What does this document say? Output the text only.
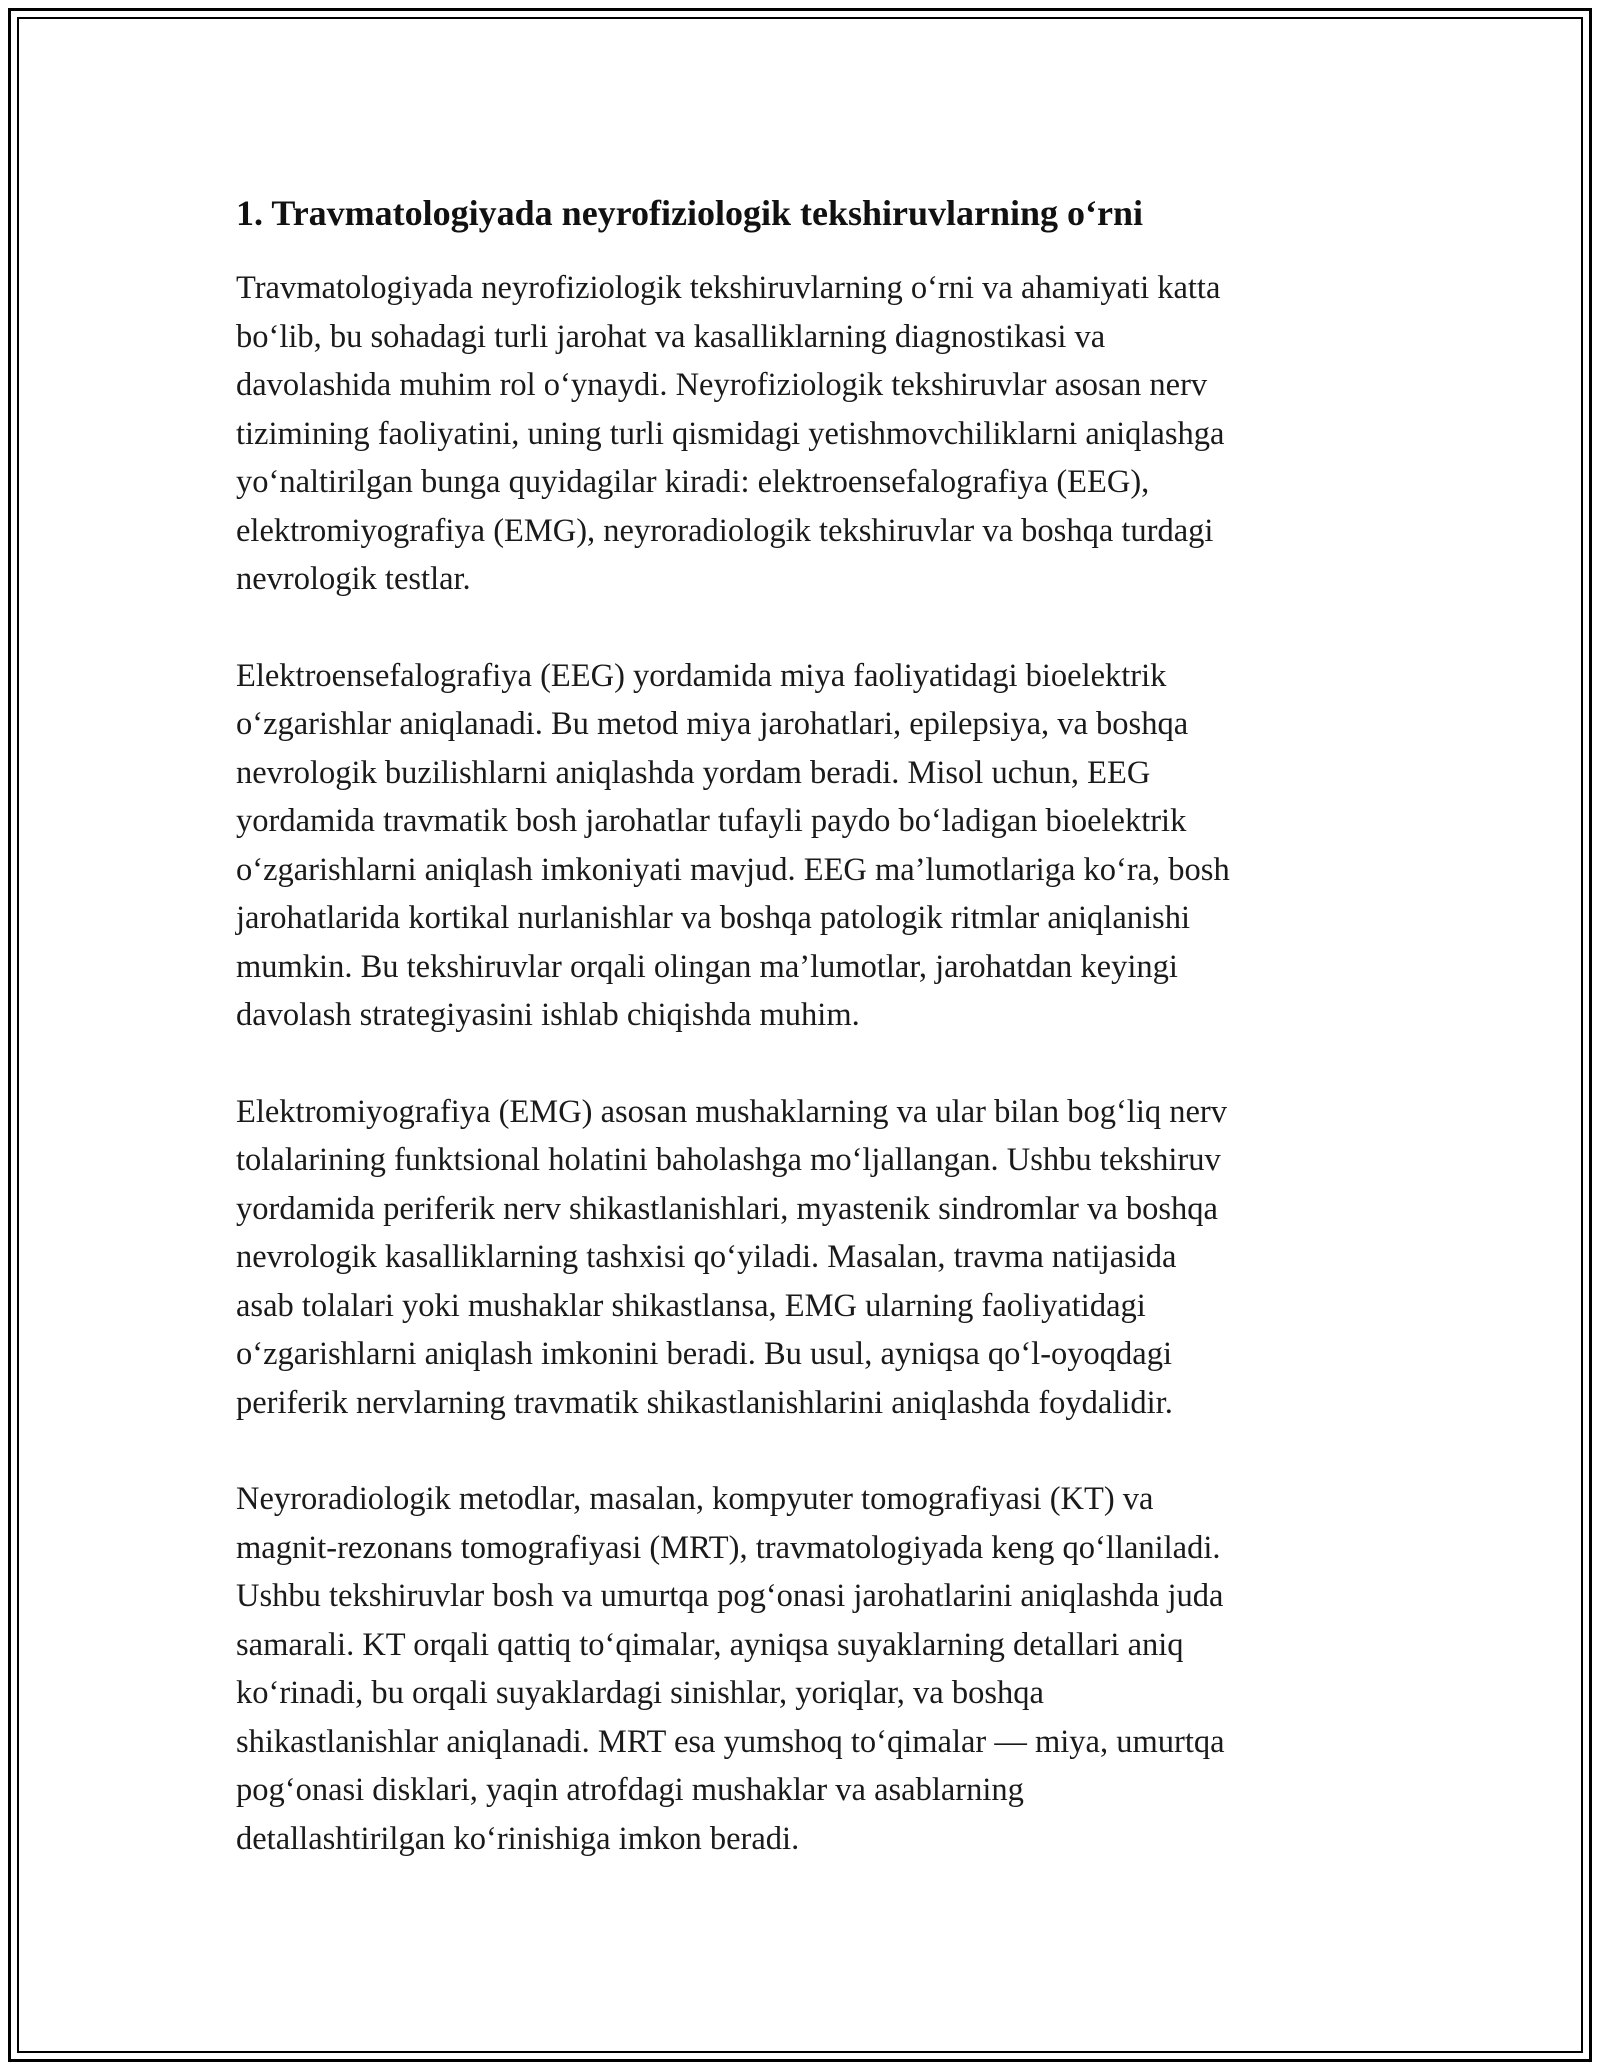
1. Travmatologiyada neyrofiziologik tekshiruvlarning o‘rni

Travmatologiyada neyrofiziologik tekshiruvlarning o‘rni va ahamiyati katta
bo‘lib, bu sohadagi turli jarohat va kasalliklarning diagnostikasi va
davolashida muhim rol o‘ynaydi. Neyrofiziologik tekshiruvlar asosan nerv
tizimining faoliyatini, uning turli qismidagi yetishmovchiliklarni aniqlashga
yo‘naltirilgan bunga quyidagilar kiradi: elektroensefalografiya (EEG),
elektromiyografiya (EMG), neyroradiologik tekshiruvlar va boshqa turdagi
nevrologik testlar.

Elektroensefalografiya (EEG) yordamida miya faoliyatidagi bioelektrik
o‘zgarishlar aniqlanadi. Bu metod miya jarohatlari, epilepsiya, va boshqa
nevrologik buzilishlarni aniqlashda yordam beradi. Misol uchun, EEG
yordamida travmatik bosh jarohatlar tufayli paydo bo‘ladigan bioelektrik
o‘zgarishlarni aniqlash imkoniyati mavjud. EEG ma’lumotlariga ko‘ra, bosh
jarohatlarida kortikal nurlanishlar va boshqa patologik ritmlar aniqlanishi
mumkin. Bu tekshiruvlar orqali olingan ma’lumotlar, jarohatdan keyingi
davolash strategiyasini ishlab chiqishda muhim.

Elektromiyografiya (EMG) asosan mushaklarning va ular bilan bog‘liq nerv
tolalarining funktsional holatini baholashga mo‘ljallangan. Ushbu tekshiruv
yordamida periferik nerv shikastlanishlari, myastenik sindromlar va boshqa
nevrologik kasalliklarning tashxisi qo‘yiladi. Masalan, travma natijasida
asab tolalari yoki mushaklar shikastlansa, EMG ularning faoliyatidagi
o‘zgarishlarni aniqlash imkonini beradi. Bu usul, ayniqsa qo‘l-oyoqdagi
periferik nervlarning travmatik shikastlanishlarini aniqlashda foydalidir.

Neyroradiologik metodlar, masalan, kompyuter tomografiyasi (KT) va
magnit-rezonans tomografiyasi (MRT), travmatologiyada keng qo‘llaniladi.
Ushbu tekshiruvlar bosh va umurtqa pog‘onasi jarohatlarini aniqlashda juda
samarali. KT orqali qattiq to‘qimalar, ayniqsa suyaklarning detallari aniq
ko‘rinadi, bu orqali suyaklardagi sinishlar, yoriqlar, va boshqa
shikastlanishlar aniqlanadi. MRT esa yumshoq to‘qimalar — miya, umurtqa
pog‘onasi disklari, yaqin atrofdagi mushaklar va asablarning
detallashtirilgan ko‘rinishiga imkon beradi.
